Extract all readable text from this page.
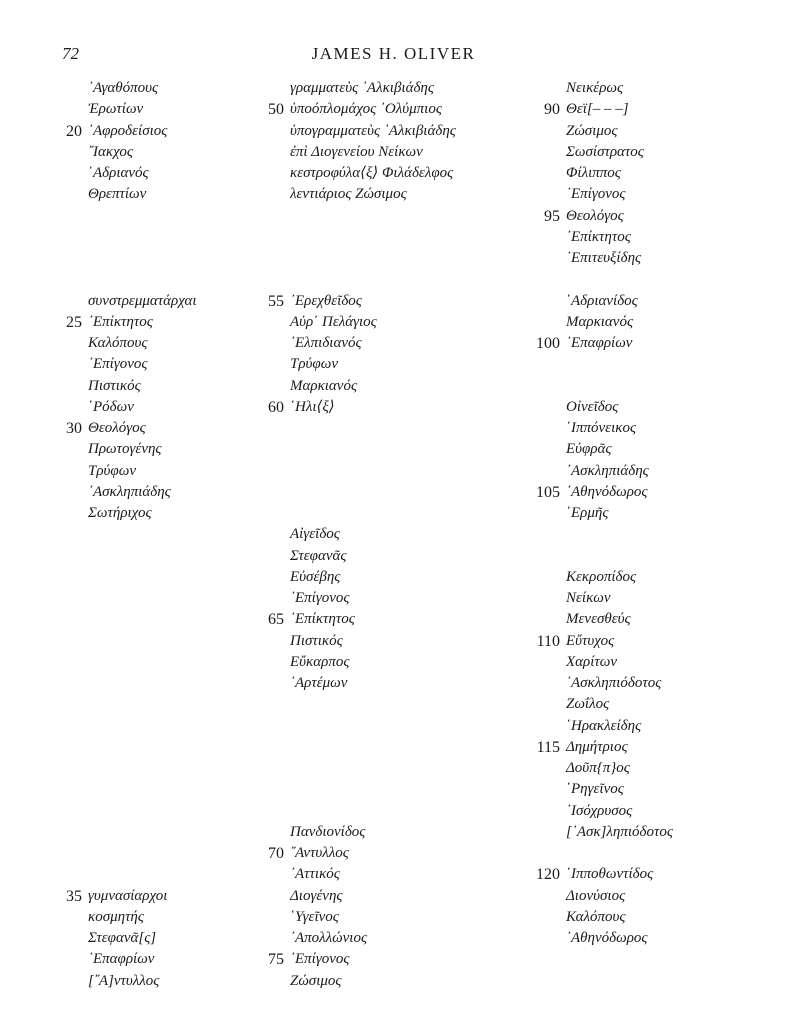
72	JAMES H. OLIVER
᾿Αγαθόπους
Ἐρωτίων
20 ᾿Αφροδείσιος
῎Ιακχος
῾Αδριανός
Θρεπτίων
συνστρεμματάρχαι
25 ᾿Επίκτητος
Καλόπους
᾿Επίγονος
Πιστικός
῾Ρόδων
30 Θεολόγος
Πρωτογένης
Τρύφων
᾿Ασκληπιάδης
Σωτήριχος
35 γυμνασίαρχοι
κοσμητής
Στεφανᾶ[ς]
᾿Επαφρίων
[῎Α]ντυλλος
γραμματεὺς ᾿Αλκιβιάδης
50 ὑποόπλομάχος ᾿Ολύμπιος
ὑπογραμματεὺς ᾿Αλκιβιάδης
ἐπὶ Διογενείου Νείκων
κεστροφύλα⟨ξ⟩ Φιλάδελφος
λεντιάριος Ζώσιμος
55 ᾿Ερεχθεῖδος
Αὐρ΄ Πελάγιος
᾿Ελπιδιανός
Τρύφων
Μαρκιανός
60 ῾Ηλι⟨ξ⟩
Αἰγεῖδος
Στεφανᾶς
Εὐσέβης
᾿Επίγονος
65 ᾿Επίκτητος
Πιστικός
Εὔκαρπος
᾿Αρτέμων
Πανδιονίδος
70 ῎Αντυλλος
᾿Αττικός
Διογένης
῾Υγεῖνος
᾿Απολλώνιος
75 ᾿Επίγονος
Ζώσιμος
Νεικέρως
90 Θεϊ[– – –]
Ζώσιμος
Σωσίστρατος
Φίλιππος
᾿Επίγονος
95 Θεολόγος
᾿Επίκτητος
᾿Επιτευξίδης
῾Αδριανίδος
Μαρκιανός
100 ᾿Επαφρίων
Οἰνεῖδος
῾Ιππόνεικος
Εὐφρᾶς
᾿Ασκληπιάδης
105 ᾿Αθηνόδωρος
῾Ερμῆς
Κεκροπίδος
Νείκων
Μενεσθεύς
110 Εὔτυχος
Χαρίτων
᾿Ασκληπιόδοτος
Ζωΐλος
῾Ηρακλείδης
115 Δημήτριος
Δοῦπ{π}ος
῾Ρηγεῖνος
᾿Ισόχρυσος
[᾿Ασκ]ληπιόδοτος
120 ῾Ιπποθωντίδος
Διονύσιος
Καλόπους
᾿Αθηνόδωρος
